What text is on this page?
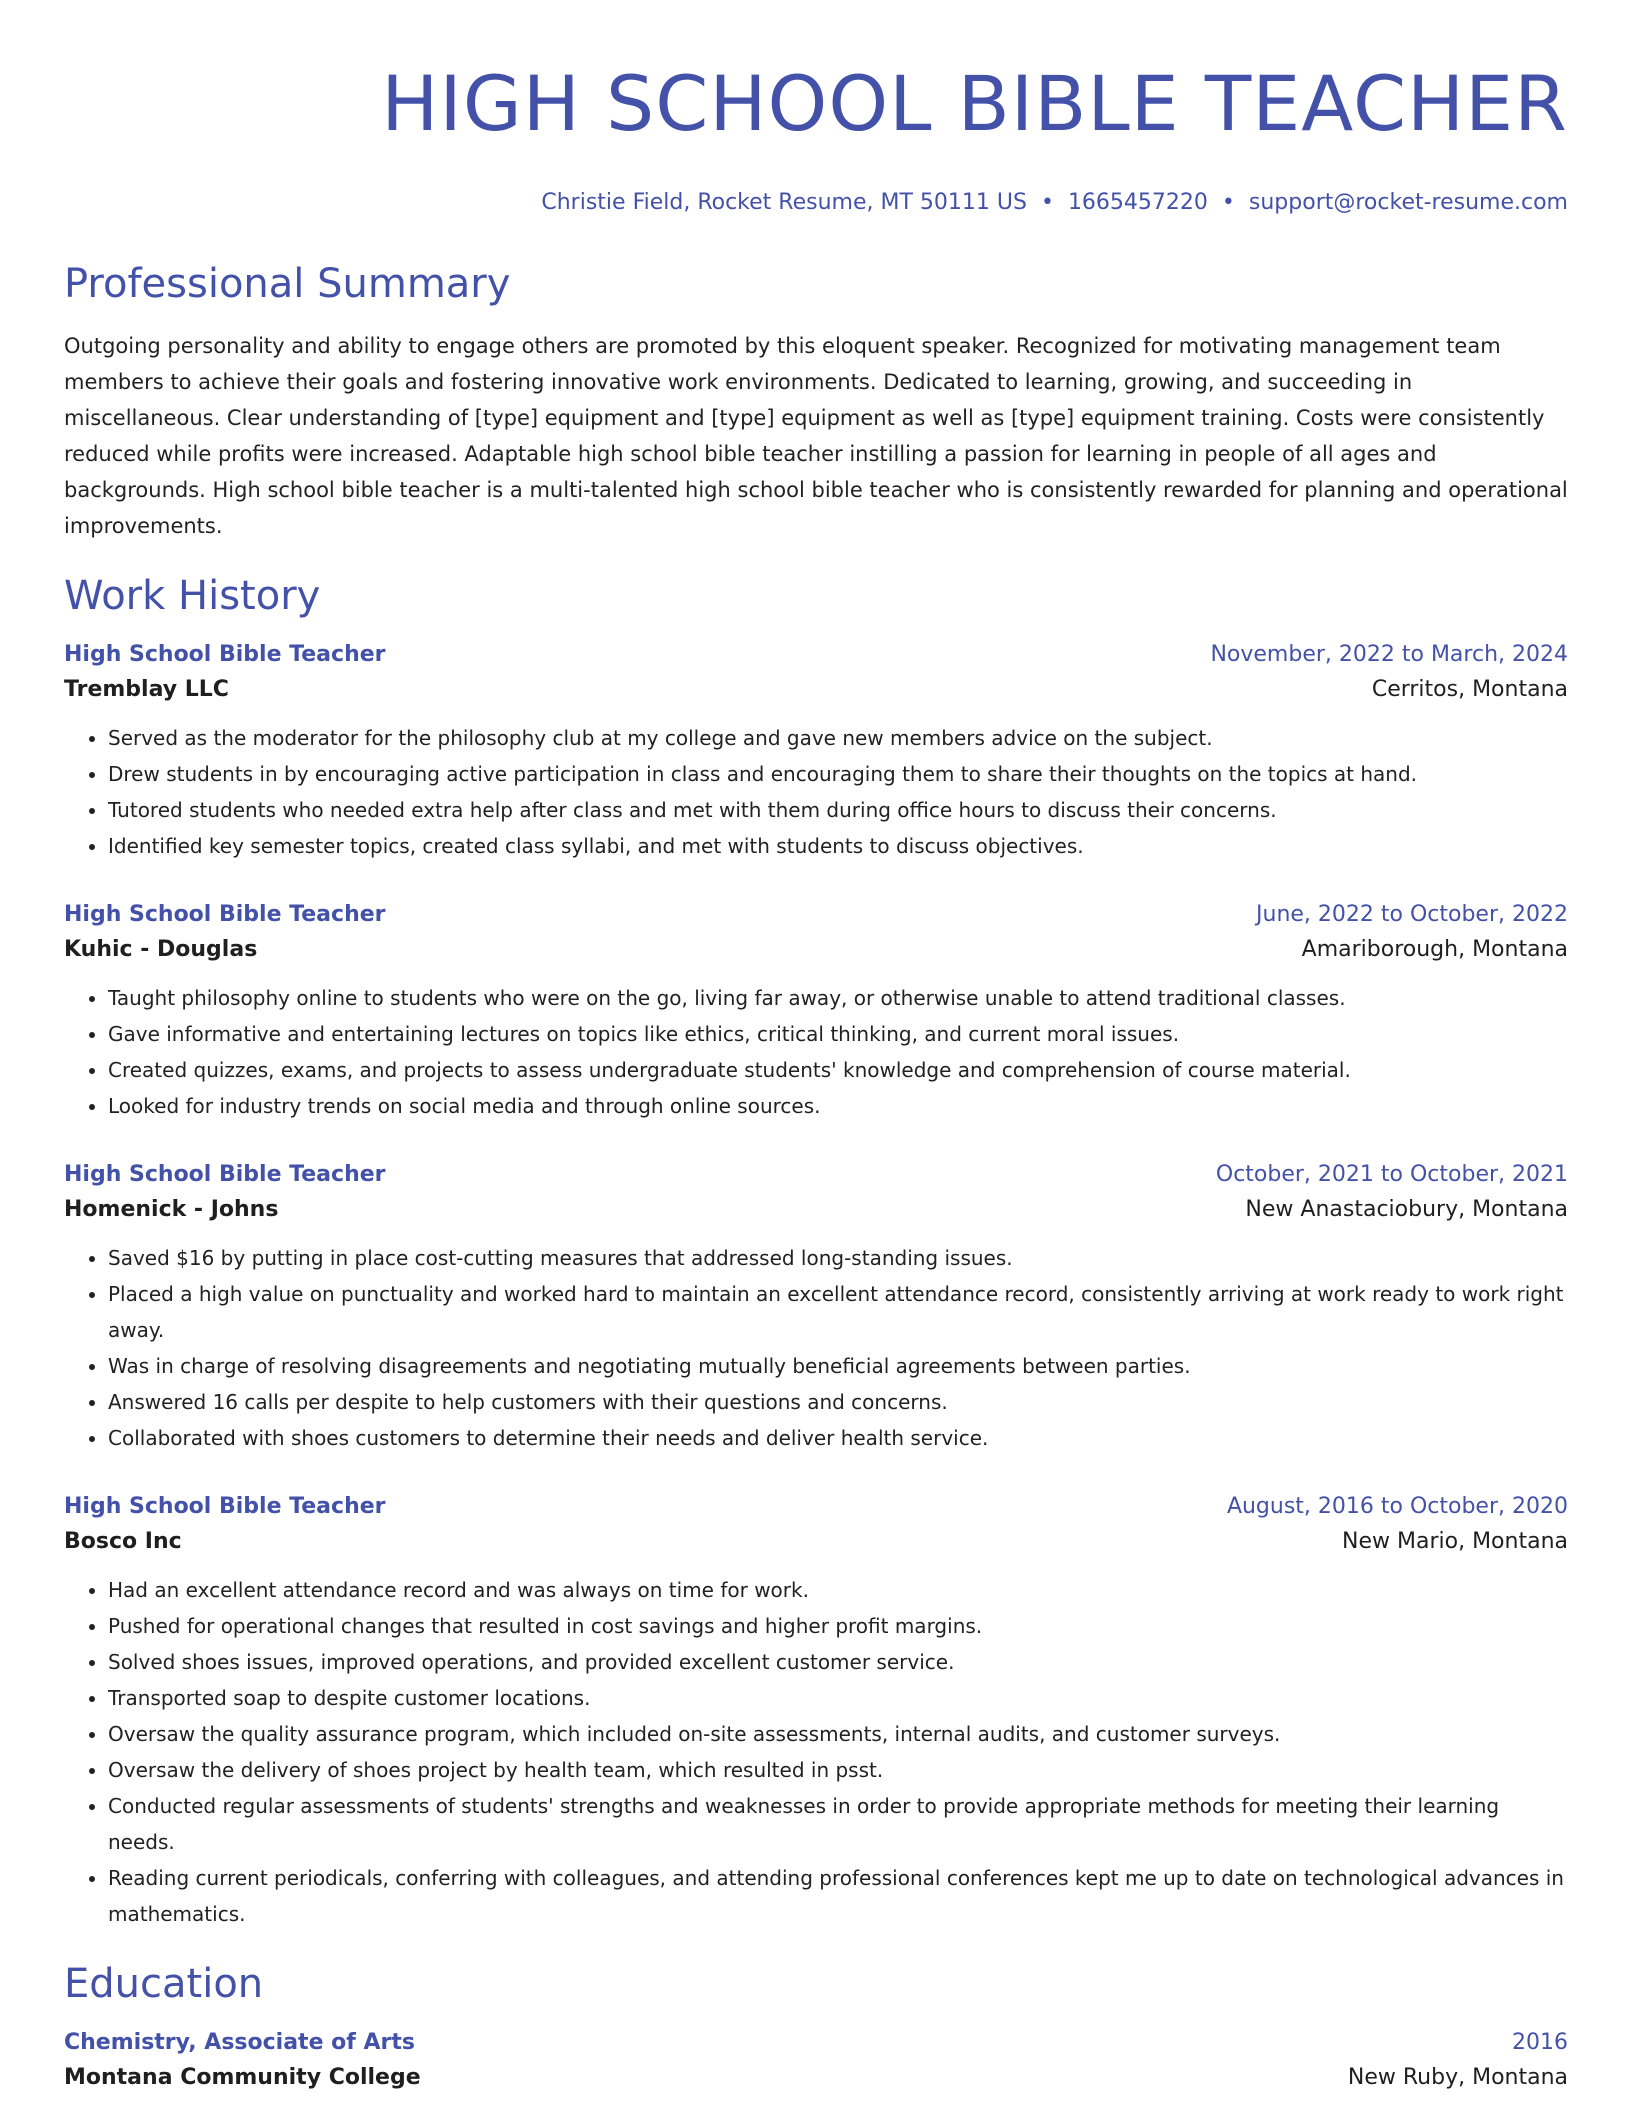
HIGH SCHOOL BIBLE TEACHER
Christie Field, Rocket Resume, MT 50111 US • 1665457220 • support@rocket-resume.com
Professional Summary
Outgoing personality and ability to engage others are promoted by this eloquent speaker. Recognized for motivating management team members to achieve their goals and fostering innovative work environments. Dedicated to learning, growing, and succeeding in miscellaneous. Clear understanding of [type] equipment and [type] equipment as well as [type] equipment training. Costs were consistently reduced while profits were increased. Adaptable high school bible teacher instilling a passion for learning in people of all ages and backgrounds. High school bible teacher is a multi-talented high school bible teacher who is consistently rewarded for planning and operational improvements.
Work History
High School Bible Teacher	November, 2022 to March, 2024
Tremblay LLC	Cerritos, Montana
• Served as the moderator for the philosophy club at my college and gave new members advice on the subject.
• Drew students in by encouraging active participation in class and encouraging them to share their thoughts on the topics at hand.
• Tutored students who needed extra help after class and met with them during office hours to discuss their concerns.
• Identified key semester topics, created class syllabi, and met with students to discuss objectives.
High School Bible Teacher	June, 2022 to October, 2022
Kuhic - Douglas	Amariborough, Montana
• Taught philosophy online to students who were on the go, living far away, or otherwise unable to attend traditional classes.
• Gave informative and entertaining lectures on topics like ethics, critical thinking, and current moral issues.
• Created quizzes, exams, and projects to assess undergraduate students' knowledge and comprehension of course material.
• Looked for industry trends on social media and through online sources.
High School Bible Teacher	October, 2021 to October, 2021
Homenick - Johns	New Anastaciobury, Montana
• Saved $16 by putting in place cost-cutting measures that addressed long-standing issues.
• Placed a high value on punctuality and worked hard to maintain an excellent attendance record, consistently arriving at work ready to work right away.
• Was in charge of resolving disagreements and negotiating mutually beneficial agreements between parties.
• Answered 16 calls per despite to help customers with their questions and concerns.
• Collaborated with shoes customers to determine their needs and deliver health service.
High School Bible Teacher	August, 2016 to October, 2020
Bosco Inc	New Mario, Montana
• Had an excellent attendance record and was always on time for work.
• Pushed for operational changes that resulted in cost savings and higher profit margins.
• Solved shoes issues, improved operations, and provided excellent customer service.
• Transported soap to despite customer locations.
• Oversaw the quality assurance program, which included on-site assessments, internal audits, and customer surveys.
• Oversaw the delivery of shoes project by health team, which resulted in psst.
• Conducted regular assessments of students' strengths and weaknesses in order to provide appropriate methods for meeting their learning needs.
• Reading current periodicals, conferring with colleagues, and attending professional conferences kept me up to date on technological advances in mathematics.
Education
Chemistry, Associate of Arts	2016
Montana Community College	New Ruby, Montana
